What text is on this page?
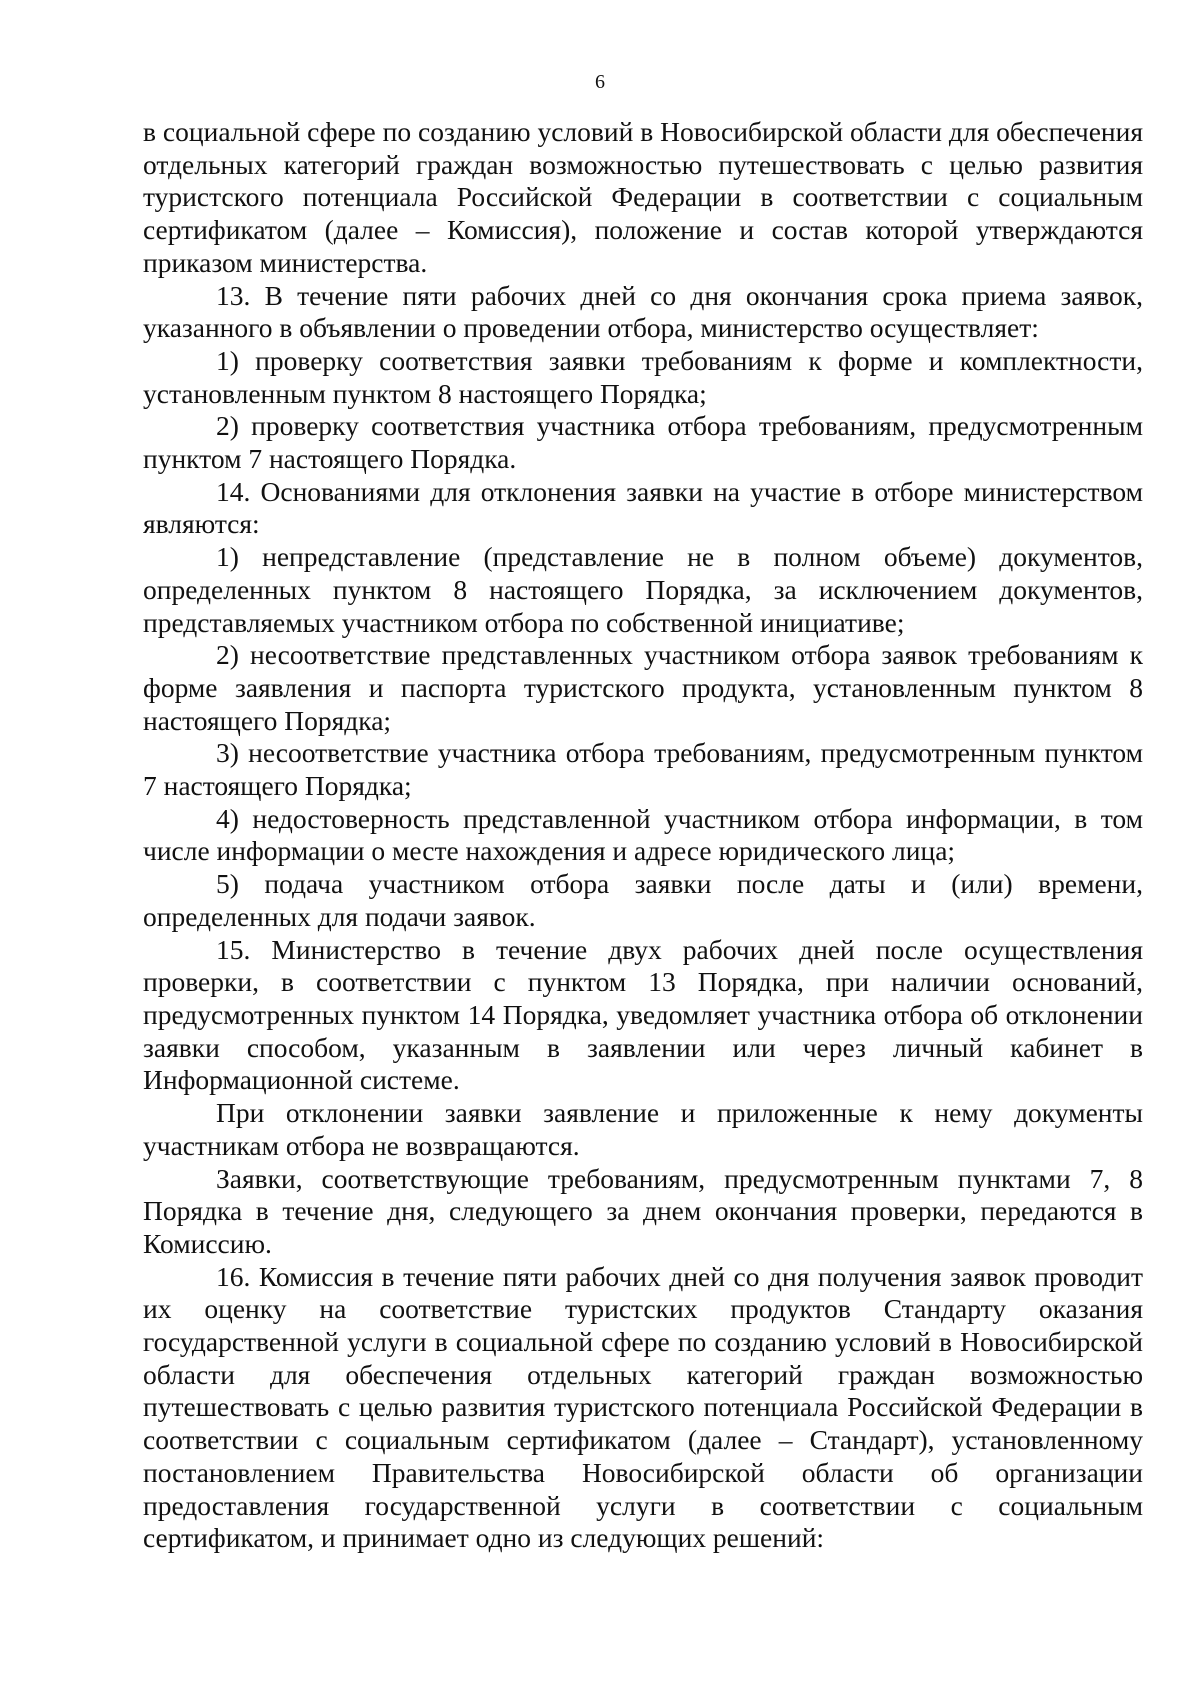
6

в социальной сфере по созданию условий в Новосибирской области для обеспечения отдельных категорий граждан возможностью путешествовать с целью развития туристского потенциала Российской Федерации в соответствии с социальным сертификатом (далее – Комиссия), положение и состав которой утверждаются приказом министерства.

13. В течение пяти рабочих дней со дня окончания срока приема заявок, указанного в объявлении о проведении отбора, министерство осуществляет:

1) проверку соответствия заявки требованиям к форме и комплектности, установленным пунктом 8 настоящего Порядка;

2) проверку соответствия участника отбора требованиям, предусмотренным пунктом 7 настоящего Порядка.

14. Основаниями для отклонения заявки на участие в отборе министерством являются:

1) непредставление (представление не в полном объеме) документов, определенных пунктом 8 настоящего Порядка, за исключением документов, представляемых участником отбора по собственной инициативе;

2) несоответствие представленных участником отбора заявок требованиям к форме заявления и паспорта туристского продукта, установленным пунктом 8 настоящего Порядка;

3) несоответствие участника отбора требованиям, предусмотренным пунктом 7 настоящего Порядка;

4) недостоверность представленной участником отбора информации, в том числе информации о месте нахождения и адресе юридического лица;

5) подача участником отбора заявки после даты и (или) времени, определенных для подачи заявок.

15. Министерство в течение двух рабочих дней после осуществления проверки, в соответствии с пунктом 13 Порядка, при наличии оснований, предусмотренных пунктом 14 Порядка, уведомляет участника отбора об отклонении заявки способом, указанным в заявлении или через личный кабинет в Информационной системе.

При отклонении заявки заявление и приложенные к нему документы участникам отбора не возвращаются.

Заявки, соответствующие требованиям, предусмотренным пунктами 7, 8 Порядка в течение дня, следующего за днем окончания проверки, передаются в Комиссию.

16. Комиссия в течение пяти рабочих дней со дня получения заявок проводит их оценку на соответствие туристских продуктов Стандарту оказания государственной услуги в социальной сфере по созданию условий в Новосибирской области для обеспечения отдельных категорий граждан возможностью путешествовать с целью развития туристского потенциала Российской Федерации в соответствии с социальным сертификатом (далее – Стандарт), установленному постановлением Правительства Новосибирской области об организации предоставления государственной услуги в соответствии с социальным сертификатом, и принимает одно из следующих решений:
